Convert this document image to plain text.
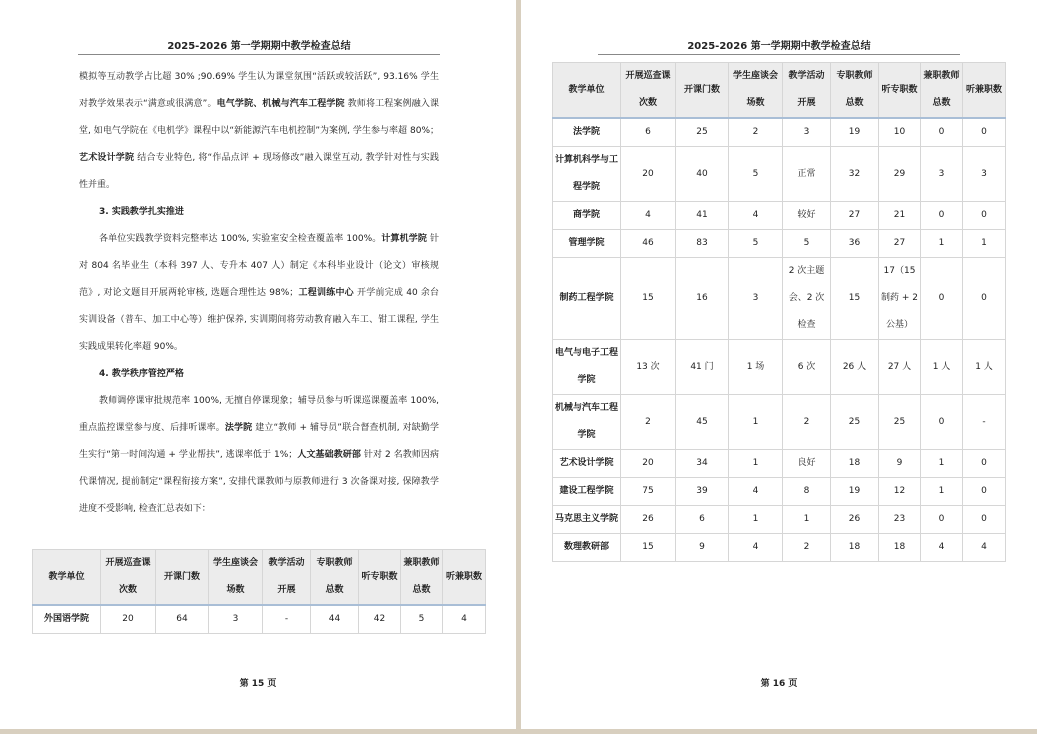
2025-2026 第一学期期中教学检查总结

模拟等互动教学占比超 30% ;90.69% 学生认为课堂氛围“活跃或较活跃”, 93.16% 学生对教学效果表示“满意或很满意”。电气学院、机械与汽车工程学院 教师将工程案例融入课堂, 如电气学院在《电机学》课程中以“新能源汽车电机控制”为案例, 学生参与率超 80%；艺术设计学院 结合专业特色, 将“作品点评 + 现场修改”融入课堂互动, 教学针对性与实践性并重。

3. 实践教学扎实推进

各单位实践教学资料完整率达 100%, 实验室安全检查覆盖率 100%。计算机学院 针对 804 名毕业生（本科 397 人、专升本 407 人）制定《本科毕业设计（论文）审核规范》, 对论文题目开展两轮审核, 选题合理性达 98%；工程训练中心 开学前完成 40 余台实训设备（普车、加工中心等）维护保养, 实训期间将劳动教育融入车工、钳工课程, 学生实践成果转化率超 90%。

4. 教学秩序管控严格

教师调停课审批规范率 100%, 无擅自停课现象；辅导员参与听课巡课覆盖率 100%, 重点监控课堂参与度、后排听课率。法学院 建立“教师 + 辅导员”联合督查机制, 对缺勤学生实行“第一时间沟通 + 学业帮扶”, 逃课率低于 1%；人文基础教研部 针对 2 名教师因病代课情况, 提前制定“课程衔接方案”, 安排代课教师与原教师进行 3 次备课对接, 保障教学进度不受影响, 检查汇总表如下：

教学单位	开展巡查课次数	开课门数	学生座谈会场数	教学活动开展	专职教师总数	听专职数	兼职教师总数	听兼职数
外国语学院	20	64	3	-	44	42	5	4
第 15 页
2025-2026 第一学期期中教学检查总结
教学单位	开展巡查课次数	开课门数	学生座谈会场数	教学活动开展	专职教师总数	听专职数	兼职教师总数	听兼职数
法学院	6	25	2	3	19	10	0	0
计算机科学与工程学院	20	40	5	正常	32	29	3	3
商学院	4	41	4	较好	27	21	0	0
管理学院	46	83	5	5	36	27	1	1
制药工程学院	15	16	3	2 次主题会、2 次检查	15	17（15 制药 + 2 公基）	0	0
电气与电子工程学院	13 次	41 门	1 场	6 次	26 人	27 人	1 人	1 人
机械与汽车工程学院	2	45	1	2	25	25	0	-
艺术设计学院	20	34	1	良好	18	9	1	0
建设工程学院	75	39	4	8	19	12	1	0
马克思主义学院	26	6	1	1	26	23	0	0
数理教研部	15	9	4	2	18	18	4	4
第 16 页
